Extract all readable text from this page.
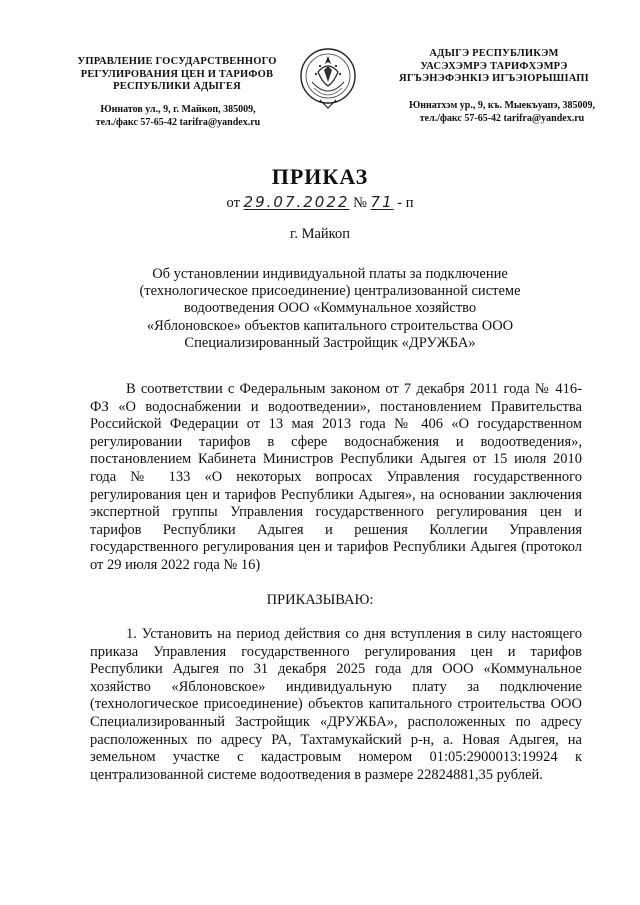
УПРАВЛЕНИЕ ГОСУДАРСТВЕННОГО
РЕГУЛИРОВАНИЯ ЦЕН И ТАРИФОВ
РЕСПУБЛИКИ АДЫГЕЯ
Юннатов ул., 9, г. Майкоп, 385009,
тел./факс 57-65-42 tarifra@yandex.ru
АДЫГЭ РЕСПУБЛИКЭМ
УАСЭХЭМРЭ ТАРИФХЭМРЭ
ЯГЪЭНЭФЭНКІЭ ИГЪЭІОРЫШІАПІ
Юннатхэм ур., 9, къ. Мыекъуапэ, 385009,
тел./факс 57-65-42 tarifra@yandex.ru
ПРИКАЗ
от 29.07.2022 № 71 - п
г. Майкоп
Об установлении индивидуальной платы за подключение
(технологическое присоединение) централизованной системе
водоотведения ООО «Коммунальное хозяйство
«Яблоновское» объектов капитального строительства ООО
Специализированный Застройщик «ДРУЖБА»
В соответствии с Федеральным законом от 7 декабря 2011 года № 416-ФЗ «О водоснабжении и водоотведении», постановлением Правительства Российской Федерации от 13 мая 2013 года № 406 «О государственном регулировании тарифов в сфере водоснабжения и водоотведения», постановлением Кабинета Министров Республики Адыгея от 15 июля 2010 года № 133 «О некоторых вопросах Управления государственного регулирования цен и тарифов Республики Адыгея», на основании заключения экспертной группы Управления государственного регулирования цен и тарифов Республики Адыгея и решения Коллегии Управления государственного регулирования цен и тарифов Республики Адыгея (протокол от 29 июля 2022 года № 16)
ПРИКАЗЫВАЮ:
1. Установить на период действия со дня вступления в силу настоящего приказа Управления государственного регулирования цен и тарифов Республики Адыгея по 31 декабря 2025 года для ООО «Коммунальное хозяйство «Яблоновское» индивидуальную плату за подключение (технологическое присоединение) объектов капитального строительства ООО Специализированный Застройщик «ДРУЖБА», расположенных по адресу расположенных по адресу РА, Тахтамукайский р-н, а. Новая Адыгея, на земельном участке с кадастровым номером 01:05:2900013:19924 к централизованной системе водоотведения в размере 22824881,35 рублей.
